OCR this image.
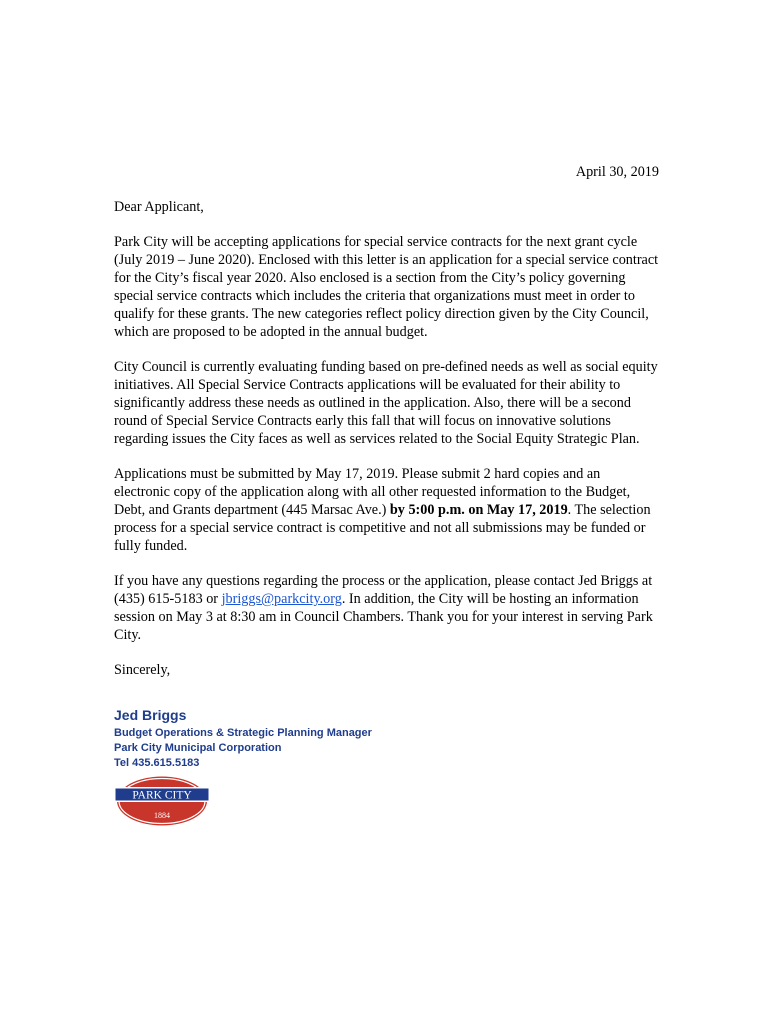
April 30, 2019

Dear Applicant,

Park City will be accepting applications for special service contracts for the next grant cycle (July 2019 – June 2020). Enclosed with this letter is an application for a special service contract for the City’s fiscal year 2020. Also enclosed is a section from the City’s policy governing special service contracts which includes the criteria that organizations must meet in order to qualify for these grants. The new categories reflect policy direction given by the City Council, which are proposed to be adopted in the annual budget.

City Council is currently evaluating funding based on pre-defined needs as well as social equity initiatives. All Special Service Contracts applications will be evaluated for their ability to significantly address these needs as outlined in the application. Also, there will be a second round of Special Service Contracts early this fall that will focus on innovative solutions regarding issues the City faces as well as services related to the Social Equity Strategic Plan.

Applications must be submitted by May 17, 2019. Please submit 2 hard copies and an electronic copy of the application along with all other requested information to the Budget, Debt, and Grants department (445 Marsac Ave.) by 5:00 p.m. on May 17, 2019. The selection process for a special service contract is competitive and not all submissions may be funded or fully funded.

If you have any questions regarding the process or the application, please contact Jed Briggs at (435) 615-5183 or jbriggs@parkcity.org. In addition, the City will be hosting an information session on May 3 at 8:30 am in Council Chambers. Thank you for your interest in serving Park City.

Sincerely,

Jed Briggs

Budget Operations & Strategic Planning Manager

Park City Municipal Corporation

Tel 435.615.5183

PARK CITY
1884
